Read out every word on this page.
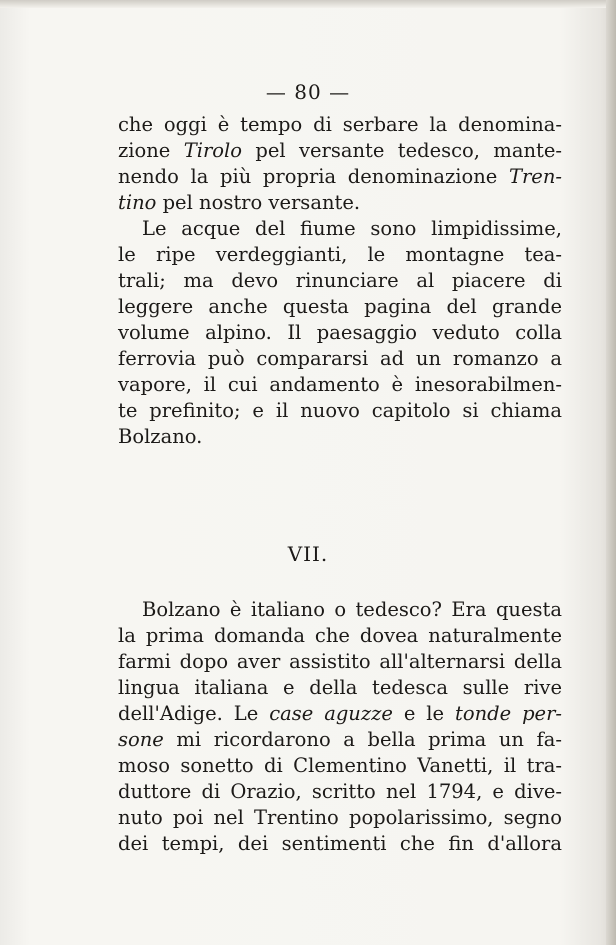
— 80 —
che oggi è tempo di serbare la denomina-
zione Tirolo pel versante tedesco, mante-
nendo la più propria denominazione Tren-
tino pel nostro versante.
Le acque del fiume sono limpidissime,
le ripe verdeggianti, le montagne tea-
trali; ma devo rinunciare al piacere di
leggere anche questa pagina del grande
volume alpino. Il paesaggio veduto colla
ferrovia può compararsi ad un romanzo a
vapore, il cui andamento è inesorabilmen-
te prefinito; e il nuovo capitolo si chiama
Bolzano.
VII.
Bolzano è italiano o tedesco? Era questa
la prima domanda che dovea naturalmente
farmi dopo aver assistito all'alternarsi della
lingua italiana e della tedesca sulle rive
dell'Adige. Le case aguzze e le tonde per-
sone mi ricordarono a bella prima un fa-
moso sonetto di Clementino Vanetti, il tra-
duttore di Orazio, scritto nel 1794, e dive-
nuto poi nel Trentino popolarissimo, segno
dei tempi, dei sentimenti che fin d'allora
